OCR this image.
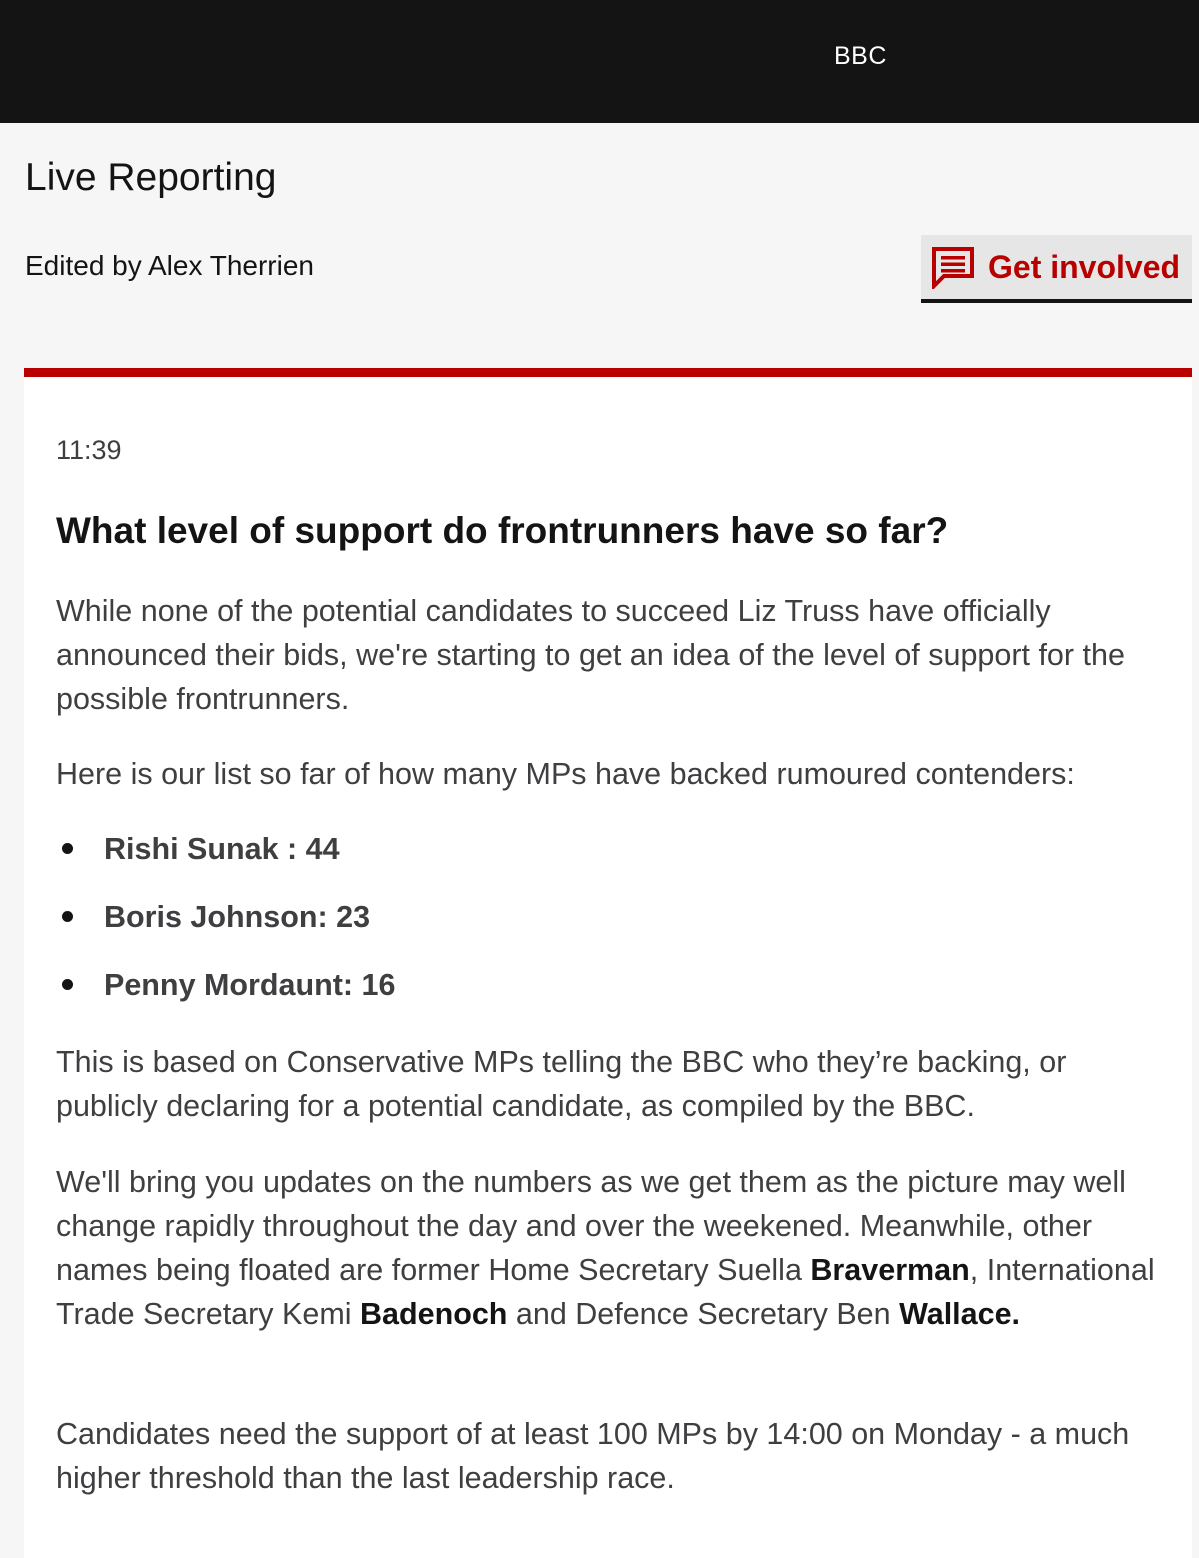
BBC
Live Reporting
Edited by Alex Therrien	Get involved
11:39
What level of support do frontrunners have so far?

While none of the potential candidates to succeed Liz Truss have officially announced their bids, we're starting to get an idea of the level of support for the possible frontrunners.

Here is our list so far of how many MPs have backed rumoured contenders:

Rishi Sunak : 44
Boris Johnson: 23
Penny Mordaunt: 16

This is based on Conservative MPs telling the BBC who they’re backing, or publicly declaring for a potential candidate, as compiled by the BBC.

We'll bring you updates on the numbers as we get them as the picture may well change rapidly throughout the day and over the weekened. Meanwhile, other names being floated are former Home Secretary Suella Braverman, International Trade Secretary Kemi Badenoch and Defence Secretary Ben Wallace.

Candidates need the support of at least 100 MPs by 14:00 on Monday - a much higher threshold than the last leadership race.
